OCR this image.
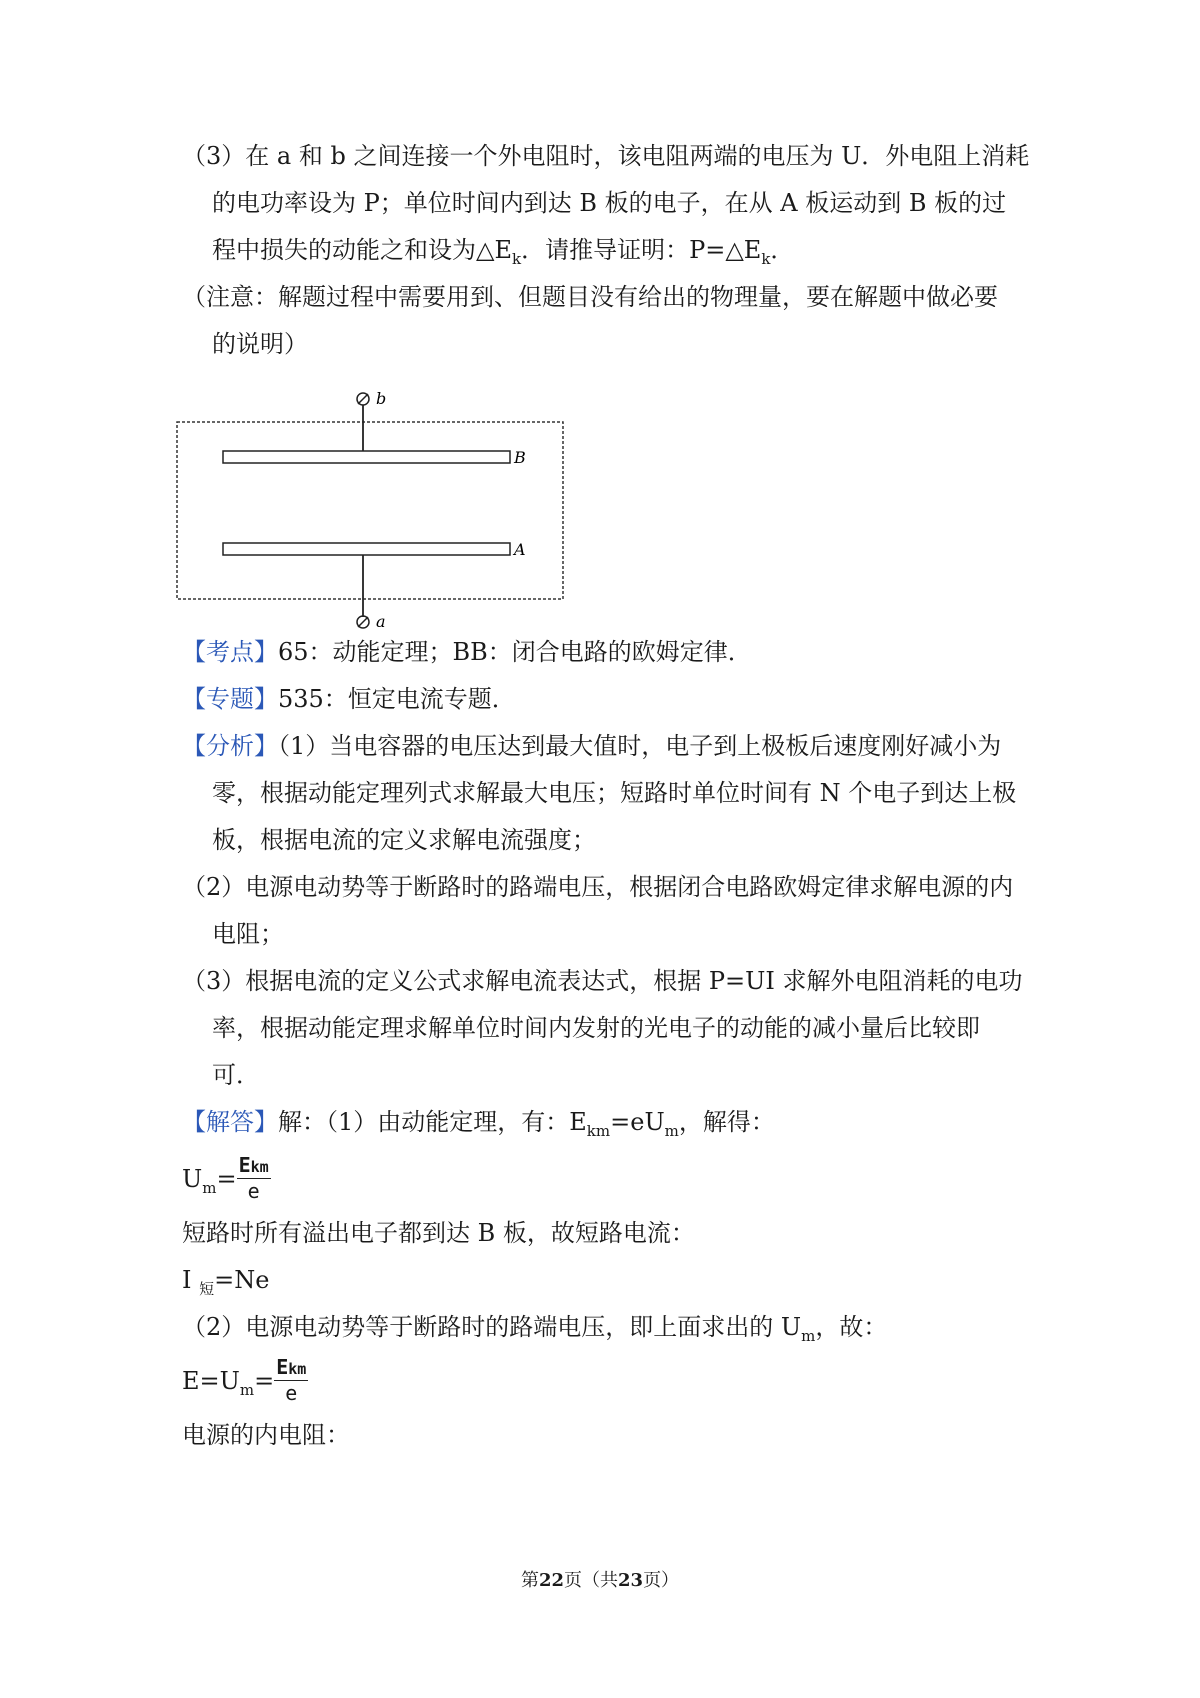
（3）在 a 和 b 之间连接一个外电阻时，该电阻两端的电压为 U．外电阻上消耗
的电功率设为 P；单位时间内到达 B 板的电子，在从 A 板运动到 B 板的过
程中损失的动能之和设为$\triangle E_k$．请推导证明：$P=\triangle E_k$．
（注意：解题过程中需要用到、但题目没有给出的物理量，要在解题中做必要
的说明）
b
B
A
a
【考点】65：动能定理；BB：闭合电路的欧姆定律．
【专题】535：恒定电流专题．
【分析】（1）当电容器的电压达到最大值时，电子到上极板后速度刚好减小为
零，根据动能定理列式求解最大电压；短路时单位时间有 N 个电子到达上极
板，根据电流的定义求解电流强度；
（2）电源电动势等于断路时的路端电压，根据闭合电路欧姆定律求解电源的内
电阻；
（3）根据电流的定义公式求解电流表达式，根据 P=UI 求解外电阻消耗的电功
率，根据动能定理求解单位时间内发射的光电子的动能的减小量后比较即
可．
【解答】解：（1）由动能定理，有：$E_{km}=eU_m$，解得：
$U_m= \frac{\text{Ekm}}{e}$
短路时所有溢出电子都到达 B 板，故短路电流：
I $_短$=Ne
（2）电源电动势等于断路时的路端电压，即上面求出的 $U_m$，故：
$E=U_m= \frac{\text{Ekm}}{e}$
电源的内电阻：
第22页（共23页）
